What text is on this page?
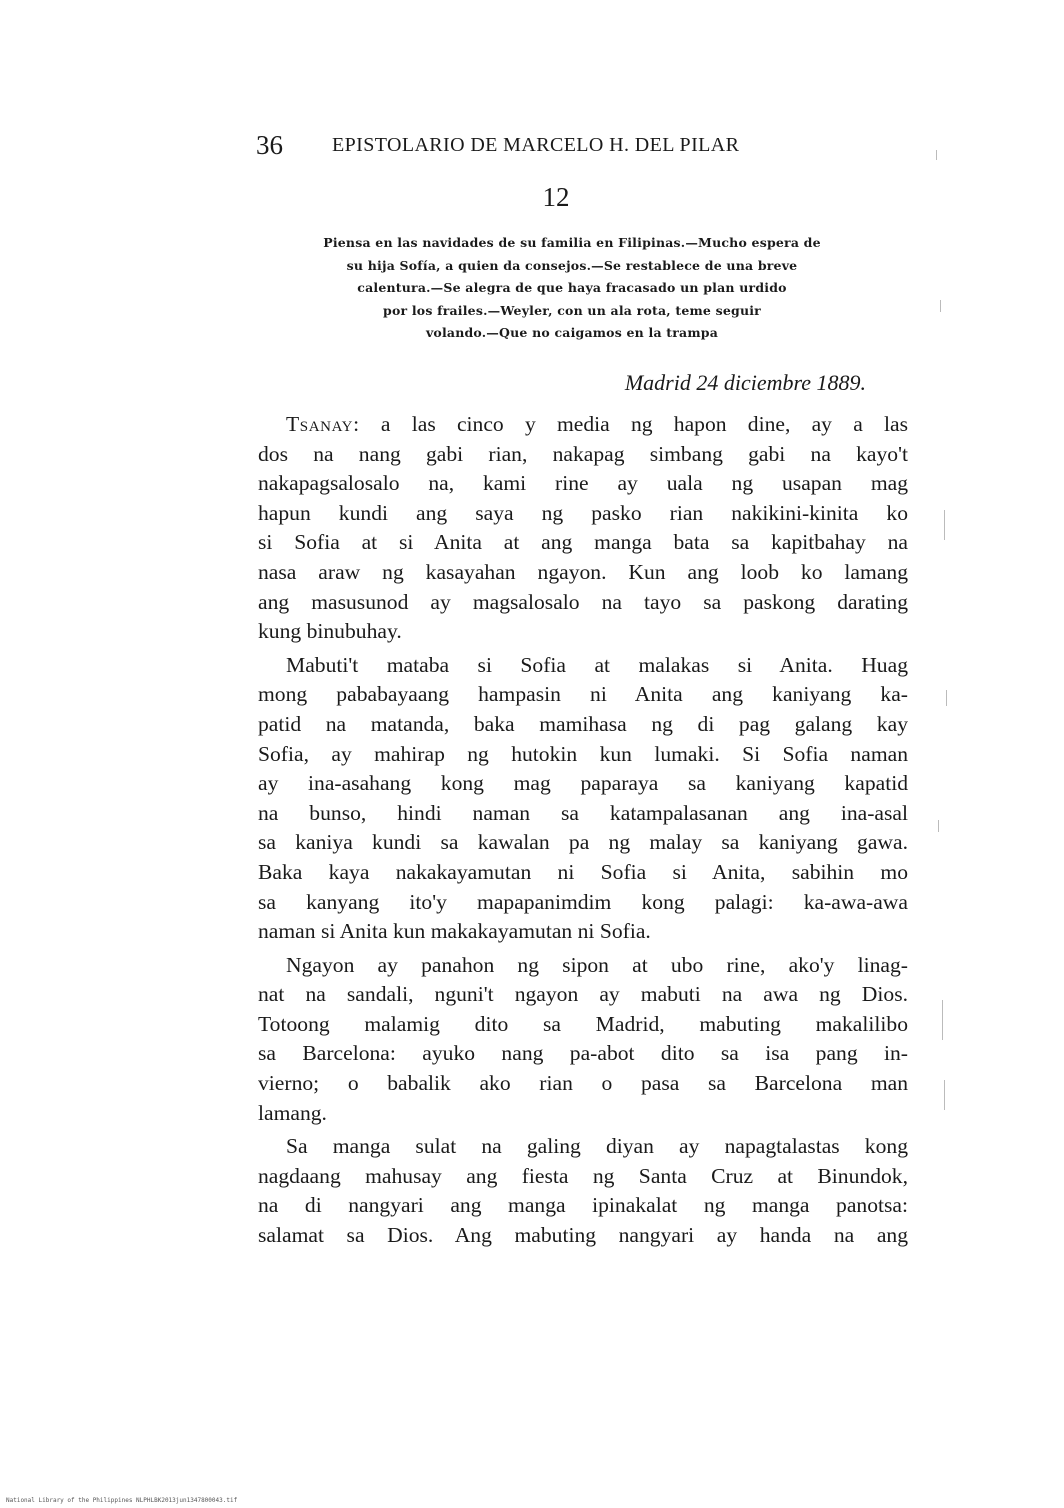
36 EPISTOLARIO DE MARCELO H. DEL PILAR
12
Piensa en las navidades de su familia en Filipinas.—Mucho espera de
su hija Sofía, a quien da consejos.—Se restablece de una breve
calentura.—Se alegra de que haya fracasado un plan urdido
por los frailes.—Weyler, con un ala rota, teme seguir
volando.—Que no caigamos en la trampa
Madrid 24 diciembre 1889.
Tsanay: a las cinco y media ng hapon dine, ay a las
dos na nang gabi rian, nakapag simbang gabi na kayo't
nakapagsalosalo na, kami rine ay uala ng usapan mag
hapun kundi ang saya ng pasko rian nakikini-kinita ko
si Sofia at si Anita at ang manga bata sa kapitbahay na
nasa araw ng kasayahan ngayon. Kun ang loob ko lamang
ang masusunod ay magsalosalo na tayo sa paskong darating
kung binubuhay.
Mabuti't mataba si Sofia at malakas si Anita. Huag
mong pababayaang hampasin ni Anita ang kaniyang ka-
patid na matanda, baka mamihasa ng di pag galang kay
Sofia, ay mahirap ng hutokin kun lumaki. Si Sofia naman
ay ina-asahang kong mag paparaya sa kaniyang kapatid
na bunso, hindi naman sa katampalasanan ang ina-asal
sa kaniya kundi sa kawalan pa ng malay sa kaniyang gawa.
Baka kaya nakakayamutan ni Sofia si Anita, sabihin mo
sa kanyang ito'y mapapanimdim kong palagi: ka-awa-awa
naman si Anita kun makakayamutan ni Sofia.
Ngayon ay panahon ng sipon at ubo rine, ako'y linag-
nat na sandali, nguni't ngayon ay mabuti na awa ng Dios.
Totoong malamig dito sa Madrid, mabuting makalilibo
sa Barcelona: ayuko nang pa-abot dito sa isa pang in-
vierno; o babalik ako rian o pasa sa Barcelona man
lamang.
Sa manga sulat na galing diyan ay napagtalastas kong
nagdaang mahusay ang fiesta ng Santa Cruz at Binundok,
na di nangyari ang manga ipinakalat ng manga panotsa:
salamat sa Dios. Ang mabuting nangyari ay handa na ang
National Library of the Philippines NLPHLBK2013jun1347800043.tif
